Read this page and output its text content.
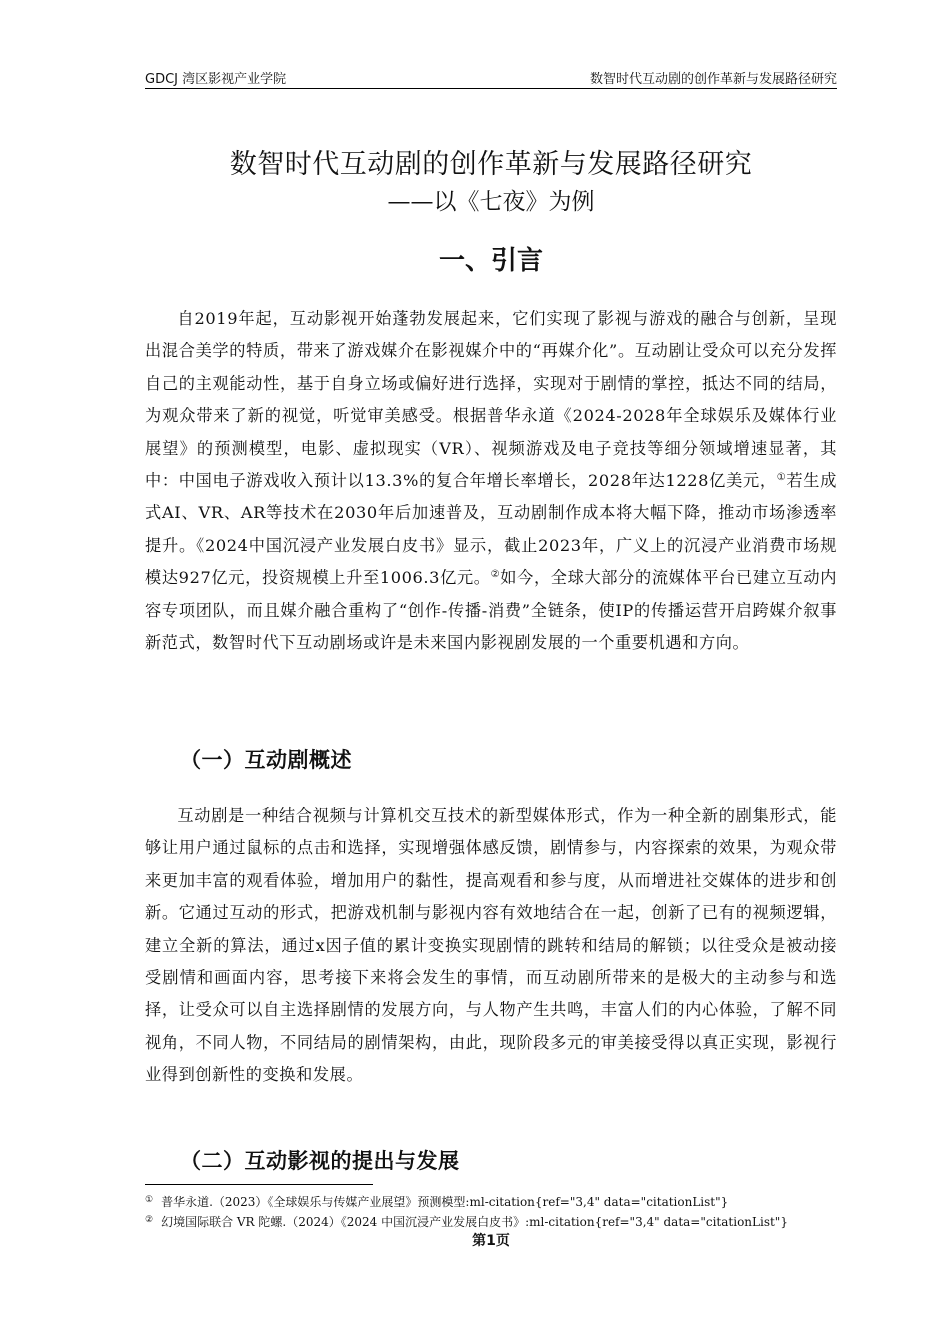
GDCJ 湾区影视产业学院	数智时代互动剧的创作革新与发展路径研究
数智时代互动剧的创作革新与发展路径研究
——以《七夜》为例
一、引言
自2019年起，互动影视开始蓬勃发展起来，它们实现了影视与游戏的融合与创新，呈现出混合美学的特质，带来了游戏媒介在影视媒介中的“再媒介化”。互动剧让受众可以充分发挥自己的主观能动性，基于自身立场或偏好进行选择，实现对于剧情的掌控，抵达不同的结局，为观众带来了新的视觉，听觉审美感受。根据普华永道《2024-2028年全球娱乐及媒体行业展望》的预测模型，电影、虚拟现实（VR）、视频游戏及电子竞技等细分领域增速显著，其中：中国电子游戏收入预计以13.3%的复合年增长率增长，2028年达1228亿美元，①若生成式AI、VR、AR等技术在2030年后加速普及，互动剧制作成本将大幅下降，推动市场渗透率提升。《2024中国沉浸产业发展白皮书》显示，截止2023年，广义上的沉浸产业消费市场规模达927亿元，投资规模上升至1006.3亿元。②如今，全球大部分的流媒体平台已建立互动内容专项团队，而且媒介融合重构了“创作-传播-消费”全链条，使IP的传播运营开启跨媒介叙事新范式，数智时代下互动剧场或许是未来国内影视剧发展的一个重要机遇和方向。
（一）互动剧概述
互动剧是一种结合视频与计算机交互技术的新型媒体形式，作为一种全新的剧集形式，能够让用户通过鼠标的点击和选择，实现增强体感反馈，剧情参与，内容探索的效果，为观众带来更加丰富的观看体验，增加用户的黏性，提高观看和参与度，从而增进社交媒体的进步和创新。它通过互动的形式，把游戏机制与影视内容有效地结合在一起，创新了已有的视频逻辑，建立全新的算法，通过x因子值的累计变换实现剧情的跳转和结局的解锁；以往受众是被动接受剧情和画面内容，思考接下来将会发生的事情，而互动剧所带来的是极大的主动参与和选择，让受众可以自主选择剧情的发展方向，与人物产生共鸣，丰富人们的内心体验，了解不同视角，不同人物，不同结局的剧情架构，由此，现阶段多元的审美接受得以真正实现，影视行业得到创新性的变换和发展。
（二）互动影视的提出与发展
① 普华永道.（2023）《全球娱乐与传媒产业展望》预测模型:ml-citation{ref="3,4" data="citationList"}
② 幻境国际联合 VR 陀螺.（2024）《2024 中国沉浸产业发展白皮书》:ml-citation{ref="3,4" data="citationList"}
第1页
